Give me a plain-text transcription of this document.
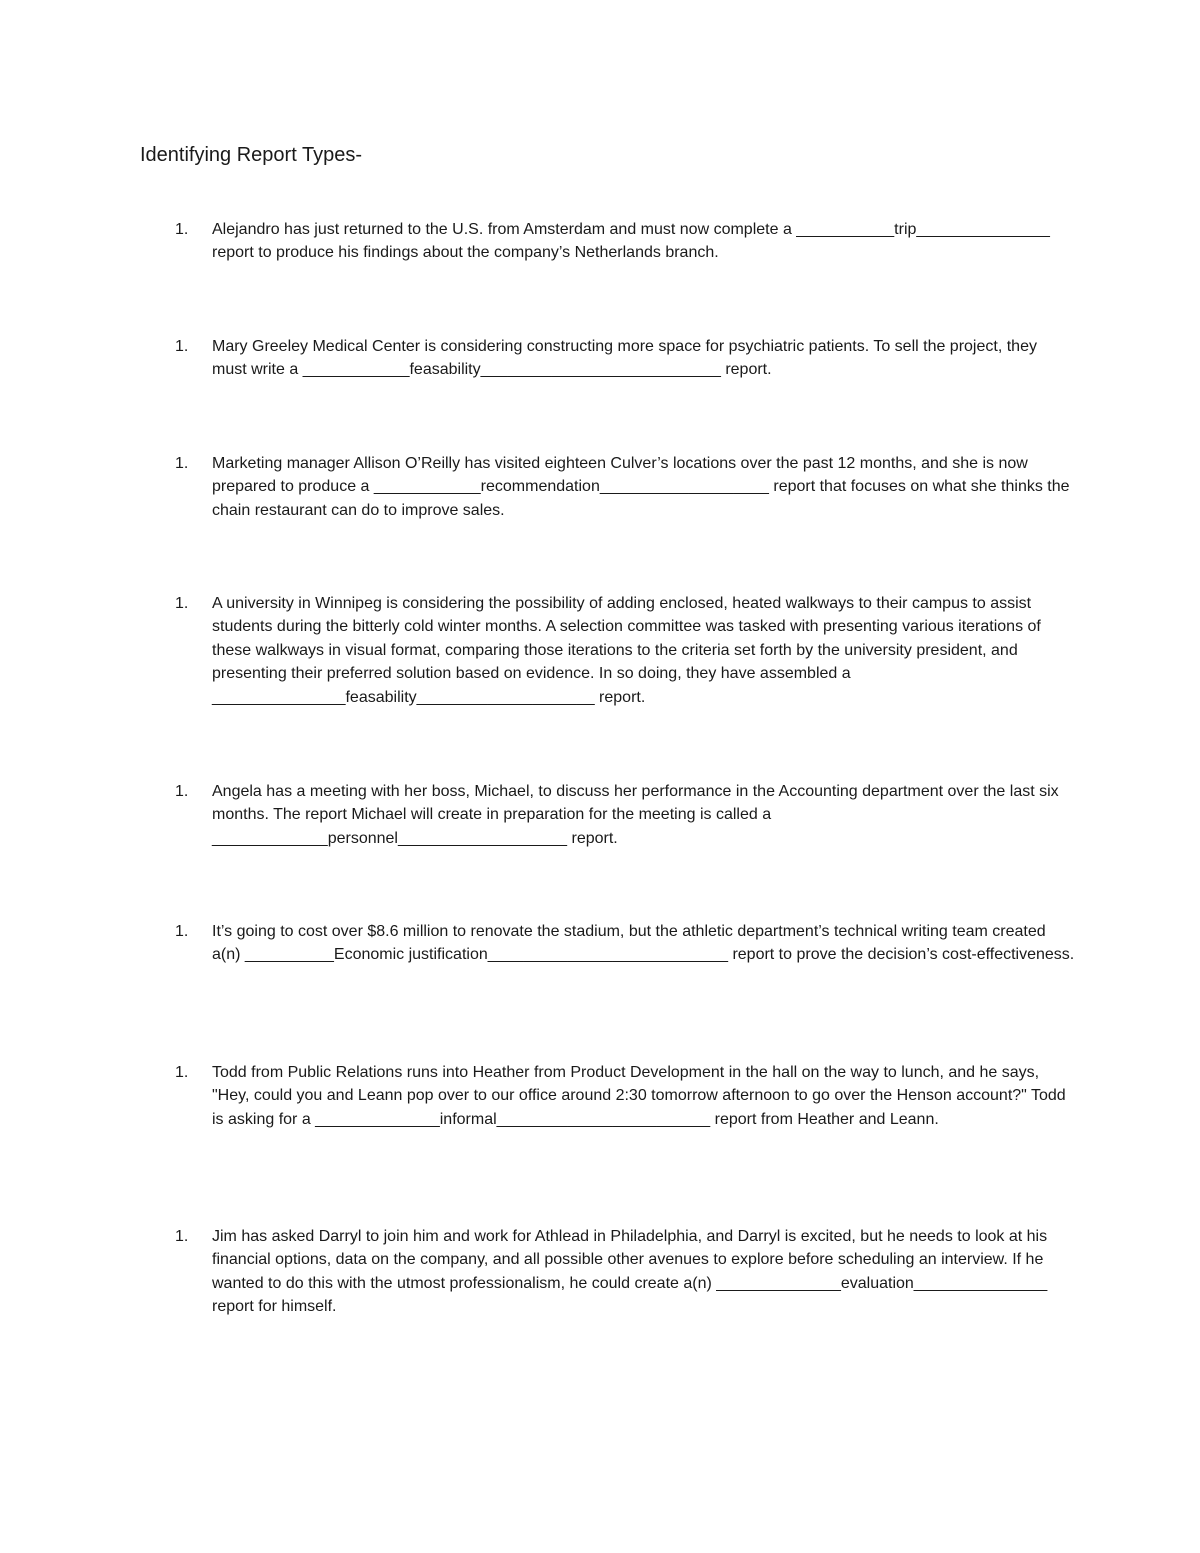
Identifying Report Types-
1.	Alejandro has just returned to the U.S. from Amsterdam and must now complete a ___________trip_______________ report to produce his findings about the company’s Netherlands branch.
1.	Mary Greeley Medical Center is considering constructing more space for psychiatric patients. To sell the project, they must write a ____________feasability___________________________ report.
1.	Marketing manager Allison O’Reilly has visited eighteen Culver’s locations over the past 12 months, and she is now prepared to produce a ____________recommendation___________________ report that focuses on what she thinks the chain restaurant can do to improve sales.
1.	A university in Winnipeg is considering the possibility of adding enclosed, heated walkways to their campus to assist students during the bitterly cold winter months. A selection committee was tasked with presenting various iterations of these walkways in visual format, comparing those iterations to the criteria set forth by the university president, and presenting their preferred solution based on evidence. In so doing, they have assembled a _______________feasability____________________ report.
1.	Angela has a meeting with her boss, Michael, to discuss her performance in the Accounting department over the last six months. The report Michael will create in preparation for the meeting is called a _____________personnel___________________ report.
1.	It’s going to cost over $8.6 million to renovate the stadium, but the athletic department’s technical writing team created a(n) __________Economic justification___________________________ report to prove the decision’s cost-effectiveness.
1.	Todd from Public Relations runs into Heather from Product Development in the hall on the way to lunch, and he says, "Hey, could you and Leann pop over to our office around 2:30 tomorrow afternoon to go over the Henson account?" Todd is asking for a ______________informal________________________ report from Heather and Leann.
1.	Jim has asked Darryl to join him and work for Athlead in Philadelphia, and Darryl is excited, but he needs to look at his financial options, data on the company, and all possible other avenues to explore before scheduling an interview. If he wanted to do this with the utmost professionalism, he could create a(n) ______________evaluation_______________ report for himself.
